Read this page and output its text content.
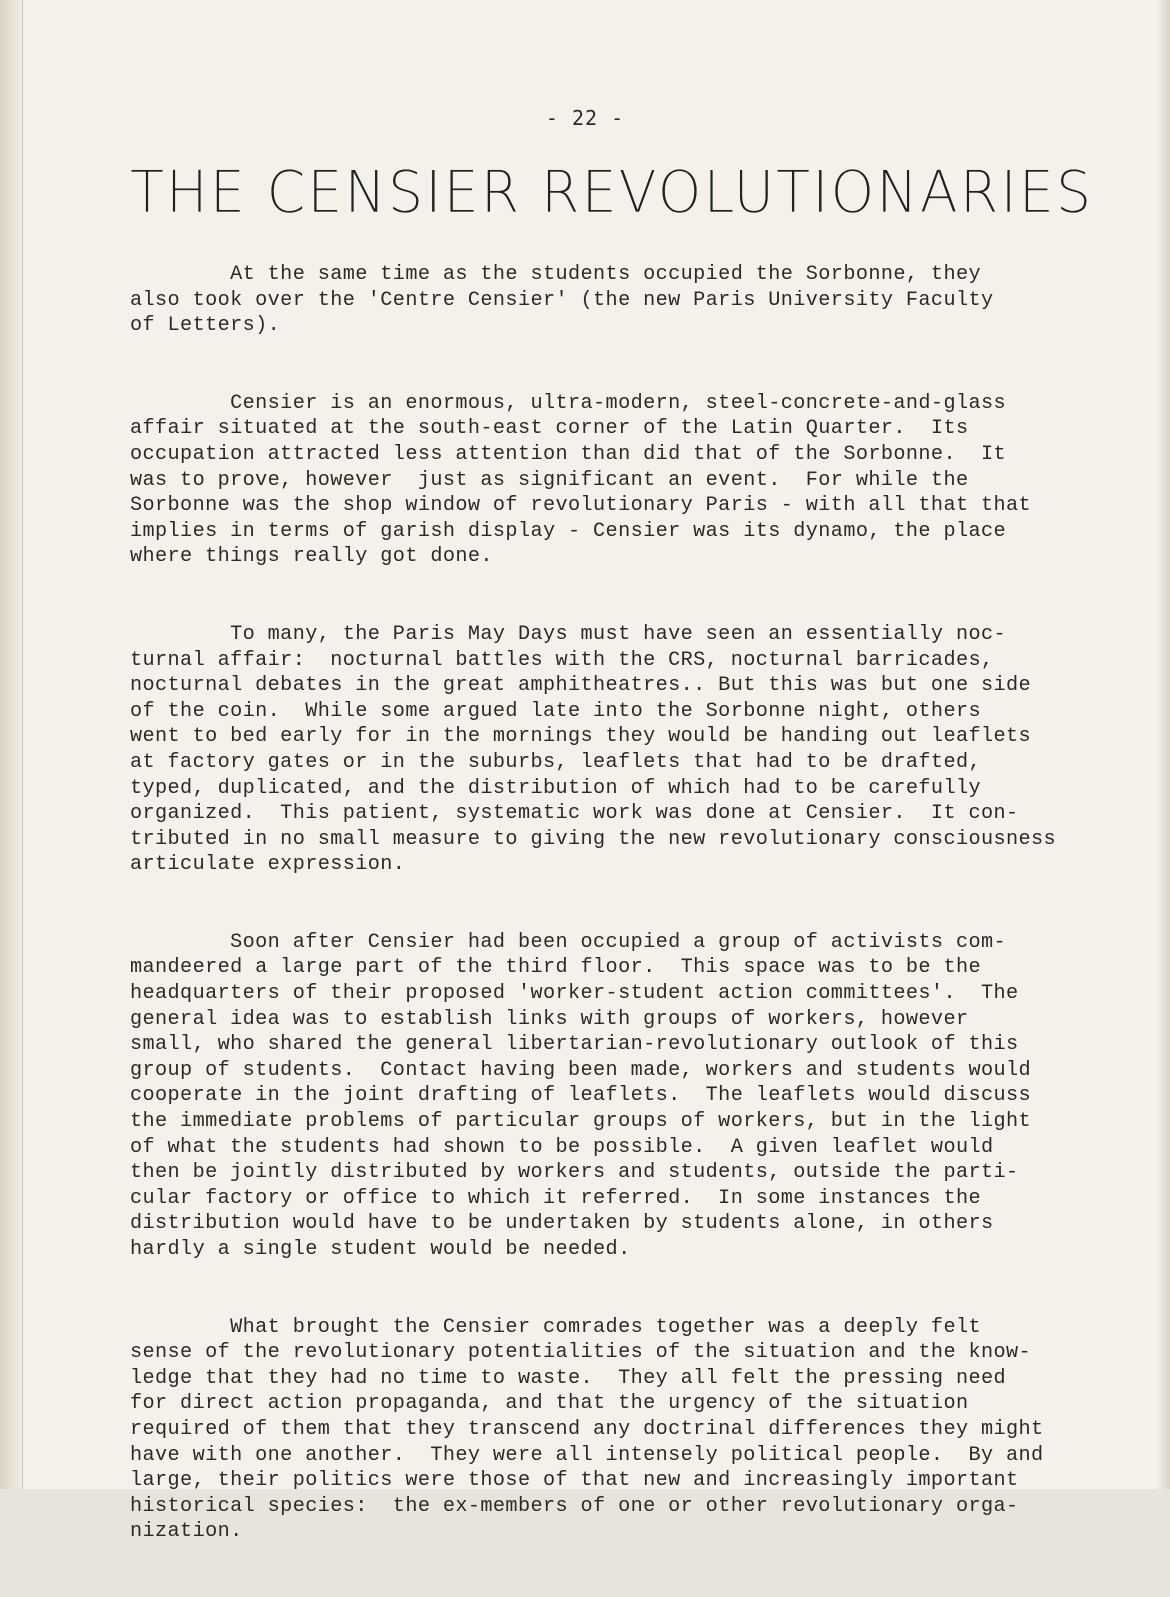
- 22 -
THE CENSIER REVOLUTIONARIES
At the same time as the students occupied the Sorbonne, they
also took over the 'Centre Censier' (the new Paris University Faculty
of Letters).
Censier is an enormous, ultra-modern, steel-concrete-and-glass
affair situated at the south-east corner of the Latin Quarter.  Its
occupation attracted less attention than did that of the Sorbonne.  It
was to prove, however  just as significant an event.  For while the
Sorbonne was the shop window of revolutionary Paris - with all that that
implies in terms of garish display - Censier was its dynamo, the place
where things really got done.
To many, the Paris May Days must have seen an essentially noc-
turnal affair:  nocturnal battles with the CRS, nocturnal barricades,
nocturnal debates in the great amphitheatres.. But this was but one side
of the coin.  While some argued late into the Sorbonne night, others
went to bed early for in the mornings they would be handing out leaflets
at factory gates or in the suburbs, leaflets that had to be drafted,
typed, duplicated, and the distribution of which had to be carefully
organized.  This patient, systematic work was done at Censier.  It con-
tributed in no small measure to giving the new revolutionary consciousness
articulate expression.
Soon after Censier had been occupied a group of activists com-
mandeered a large part of the third floor.  This space was to be the
headquarters of their proposed 'worker-student action committees'.  The
general idea was to establish links with groups of workers, however
small, who shared the general libertarian-revolutionary outlook of this
group of students.  Contact having been made, workers and students would
cooperate in the joint drafting of leaflets.  The leaflets would discuss
the immediate problems of particular groups of workers, but in the light
of what the students had shown to be possible.  A given leaflet would
then be jointly distributed by workers and students, outside the parti-
cular factory or office to which it referred.  In some instances the
distribution would have to be undertaken by students alone, in others
hardly a single student would be needed.
What brought the Censier comrades together was a deeply felt
sense of the revolutionary potentialities of the situation and the know-
ledge that they had no time to waste.  They all felt the pressing need
for direct action propaganda, and that the urgency of the situation
required of them that they transcend any doctrinal differences they might
have with one another.  They were all intensely political people.  By and
large, their politics were those of that new and increasingly important
historical species:  the ex-members of one or other revolutionary orga-
nization.
